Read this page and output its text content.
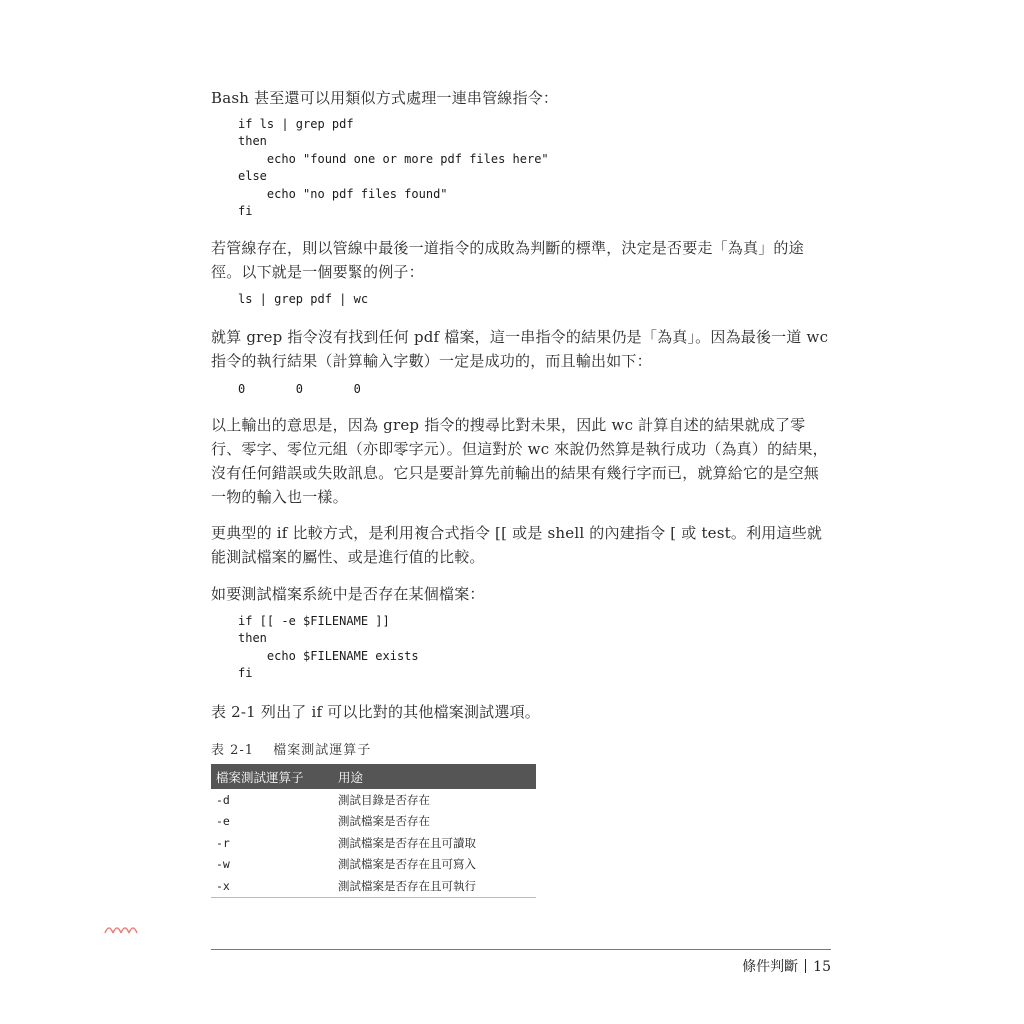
Bash 甚至還可以用類似方式處理一連串管線指令：

if ls | grep pdf
then
echo "found one or more pdf files here"
else
echo "no pdf files found"
fi

若管線存在，則以管線中最後一道指令的成敗為判斷的標準，決定是否要走「為真」的途徑。以下就是一個要緊的例子：

ls | grep pdf | wc

就算 grep 指令沒有找到任何 pdf 檔案，這一串指令的結果仍是「為真」。因為最後一道 wc 指令的執行結果（計算輸入字數）一定是成功的，而且輸出如下：

0       0       0

以上輸出的意思是，因為 grep 指令的搜尋比對未果，因此 wc 計算自述的結果就成了零行、零字、零位元組（亦即零字元）。但這對於 wc 來說仍然算是執行成功（為真）的結果，沒有任何錯誤或失敗訊息。它只是要計算先前輸出的結果有幾行字而已，就算給它的是空無一物的輸入也一樣。

更典型的 if 比較方式，是利用複合式指令 [[ 或是 shell 的內建指令 [ 或 test。利用這些就能測試檔案的屬性、或是進行值的比較。

如要測試檔案系統中是否存在某個檔案：

if [[ -e $FILENAME ]]
then
echo $FILENAME exists
fi

表 2-1 列出了 if 可以比對的其他檔案測試選項。

表 2-1 檔案測試運算子
檔案測試運算子	用途
-d	測試目錄是否存在
-e	測試檔案是否存在
-r	測試檔案是否存在且可讀取
-w	測試檔案是否存在且可寫入
-x	測試檔案是否存在且可執行
條件判斷 15
